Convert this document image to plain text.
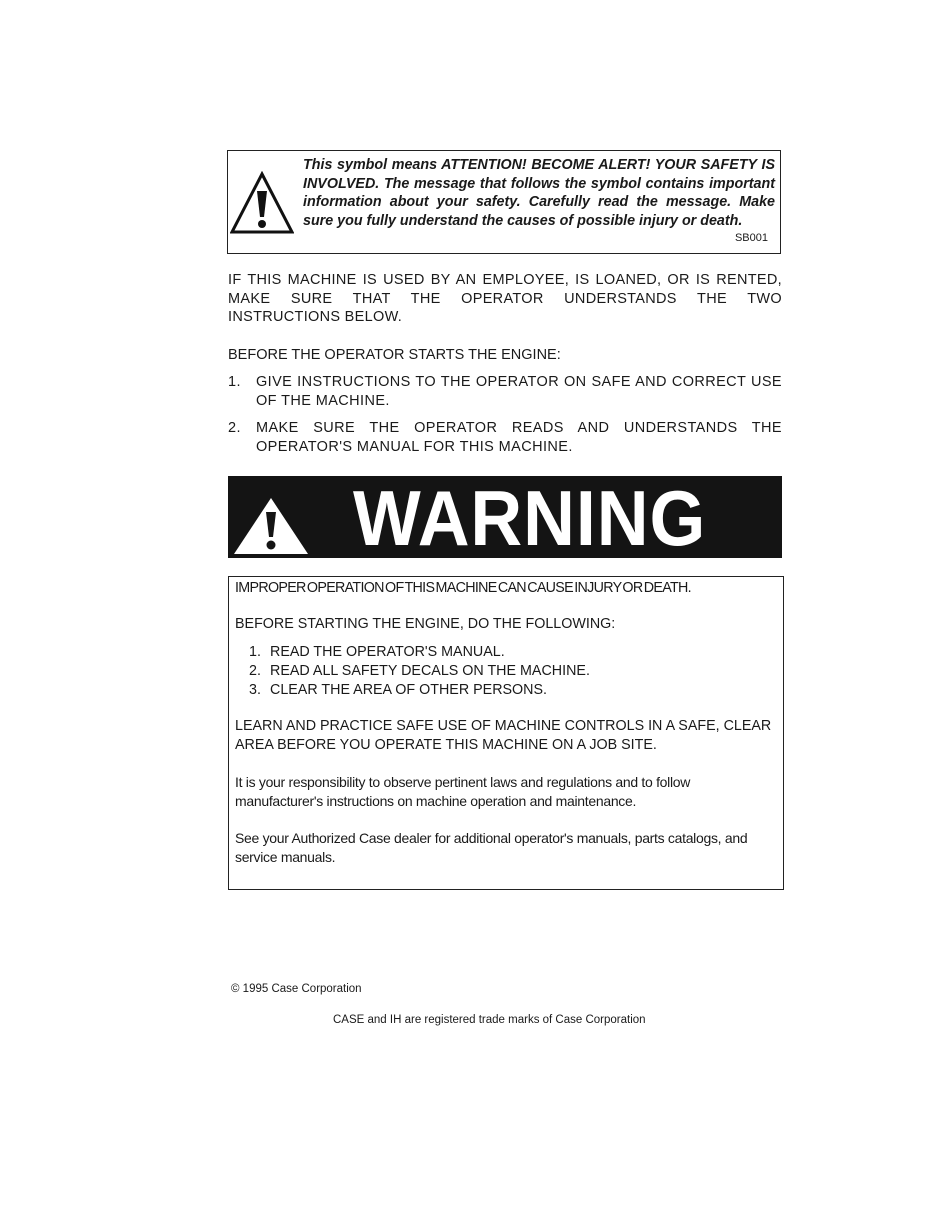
This symbol means ATTENTION! BECOME ALERT! YOUR SAFETY IS INVOLVED. The message that follows the symbol contains important information about your safety. Carefully read the message. Make sure you fully understand the causes of possible injury or death.
SB001
IF THIS MACHINE IS USED BY AN EMPLOYEE, IS LOANED, OR IS RENTED, MAKE SURE THAT THE OPERATOR UNDERSTANDS THE TWO INSTRUCTIONS BELOW.
BEFORE THE OPERATOR STARTS THE ENGINE:
1. GIVE INSTRUCTIONS TO THE OPERATOR ON SAFE AND CORRECT USE OF THE MACHINE.
2. MAKE SURE THE OPERATOR READS AND UNDERSTANDS THE OPERATOR'S MANUAL FOR THIS MACHINE.
WARNING
IMPROPER OPERATION OF THIS MACHINE CAN CAUSE INJURY OR DEATH.
BEFORE STARTING THE ENGINE, DO THE FOLLOWING:
1. READ THE OPERATOR'S MANUAL.
2. READ ALL SAFETY DECALS ON THE MACHINE.
3. CLEAR THE AREA OF OTHER PERSONS.
LEARN AND PRACTICE SAFE USE OF MACHINE CONTROLS IN A SAFE, CLEAR AREA BEFORE YOU OPERATE THIS MACHINE ON A JOB SITE.
It is your responsibility to observe pertinent laws and regulations and to follow manufacturer's instructions on machine operation and maintenance.
See your Authorized Case dealer for additional operator's manuals, parts catalogs, and service manuals.
© 1995 Case Corporation
CASE and IH are registered trade marks of Case Corporation
